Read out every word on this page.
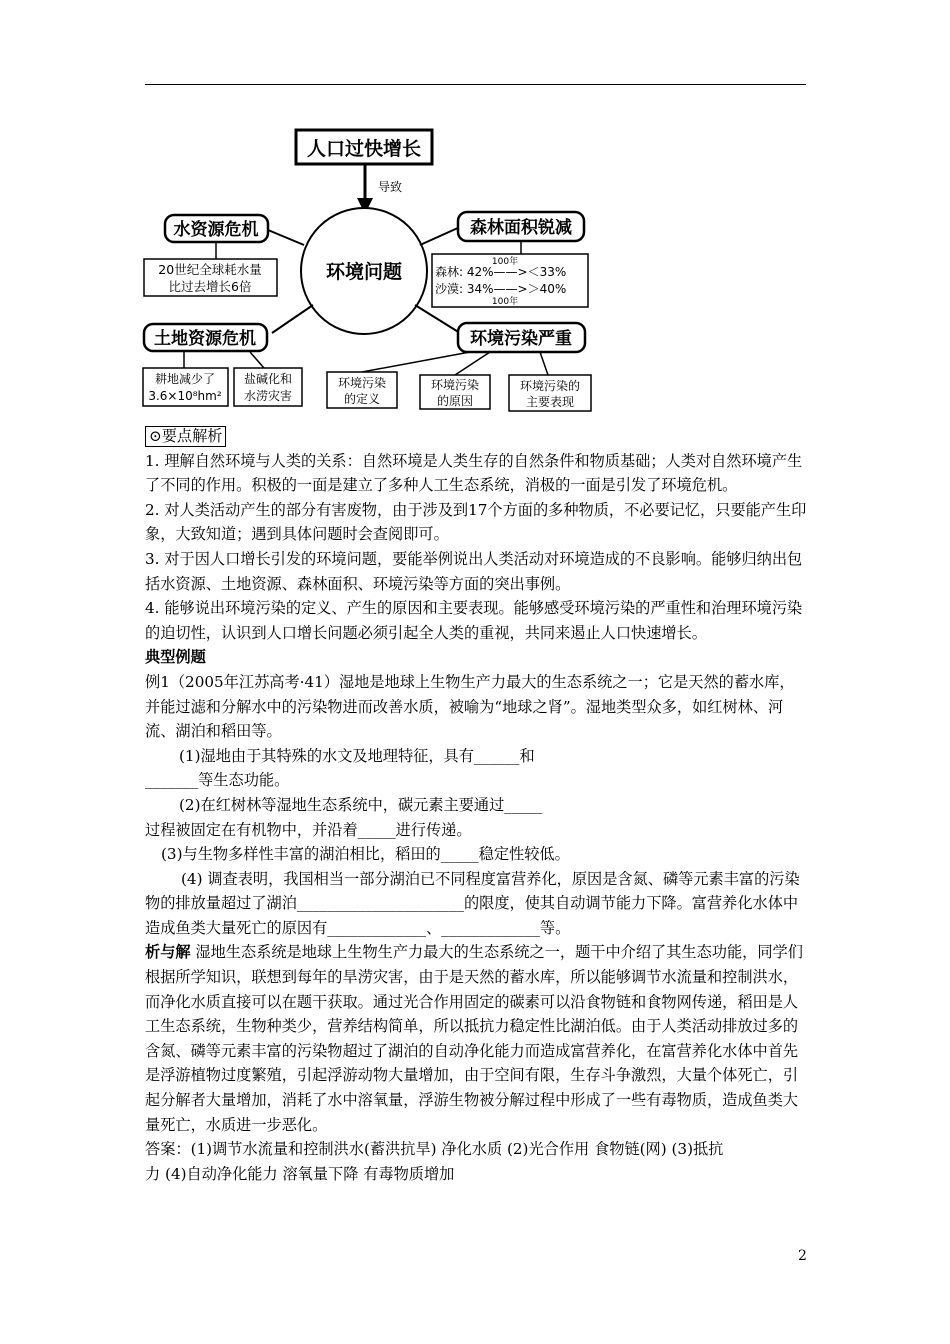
人口过快增长
导致
环境问题
水资源危机
20世纪全球耗水量
比过去增长6倍
森林面积锐减
100年
森林: 42%——>＜33%
沙漠: 34%——>＞40%
100年
土地资源危机
耕地减少了
3.6×10⁸hm²
盐碱化和
水涝灾害
环境污染严重
环境污染
的定义
环境污染
的原因
环境污染的
主要表现

⊙要点解析

1. 理解自然环境与人类的关系：自然环境是人类生存的自然条件和物质基础；人类对自然环境产生了不同的作用。积极的一面是建立了多种人工生态系统，消极的一面是引发了环境危机。

2. 对人类活动产生的部分有害废物，由于涉及到17个方面的多种物质，不必要记忆，只要能产生印象，大致知道；遇到具体问题时会查阅即可。

3. 对于因人口增长引发的环境问题，要能举例说出人类活动对环境造成的不良影响。能够归纳出包括水资源、土地资源、森林面积、环境污染等方面的突出事例。

4. 能够说出环境污染的定义、产生的原因和主要表现。能够感受环境污染的严重性和治理环境污染的迫切性，认识到人口增长问题必须引起全人类的重视，共同来遏止人口快速增长。

典型例题

例1（2005年江苏高考·41）湿地是地球上生物生产力最大的生态系统之一；它是天然的蓄水库，并能过滤和分解水中的污染物进而改善水质，被喻为“地球之肾”。湿地类型众多，如红树林、河流、湖泊和稻田等。

(1)湿地由于其特殊的水文及地理特征，具有______和
_______等生态功能。

(2)在红树林等湿地生态系统中，碳元素主要通过_____
过程被固定在有机物中，并沿着_____进行传递。

(3)与生物多样性丰富的湖泊相比，稻田的_____稳定性较低。

(4) 调查表明，我国相当一部分湖泊已不同程度富营养化，原因是含氮、磷等元素丰富的污染物的排放量超过了湖泊______________________的限度，使其自动调节能力下降。富营养化水体中造成鱼类大量死亡的原因有_____________、_____________等。

析与解 湿地生态系统是地球上生物生产力最大的生态系统之一，题干中介绍了其生态功能，同学们根据所学知识，联想到每年的旱涝灾害，由于是天然的蓄水库，所以能够调节水流量和控制洪水，而净化水质直接可以在题干获取。通过光合作用固定的碳素可以沿食物链和食物网传递，稻田是人工生态系统，生物种类少，营养结构简单，所以抵抗力稳定性比湖泊低。由于人类活动排放过多的含氮、磷等元素丰富的污染物超过了湖泊的自动净化能力而造成富营养化，在富营养化水体中首先是浮游植物过度繁殖，引起浮游动物大量增加，由于空间有限，生存斗争激烈，大量个体死亡，引起分解者大量增加，消耗了水中溶氧量，浮游生物被分解过程中形成了一些有毒物质，造成鱼类大量死亡，水质进一步恶化。

答案：(1)调节水流量和控制洪水(蓄洪抗旱) 净化水质 (2)光合作用 食物链(网) (3)抵抗

力 (4)自动净化能力 溶氧量下降 有毒物质增加

2
